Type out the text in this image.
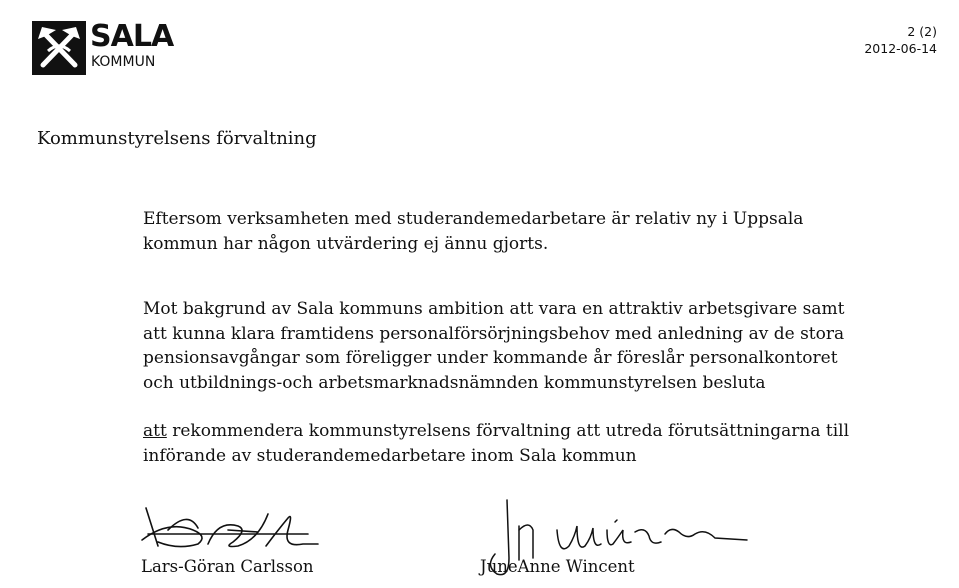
SALA
KOMMUN
2 (2)
2012-06-14
Kommunstyrelsens förvaltning
Eftersom verksamheten med studerandemedarbetare är relativ ny i Uppsala kommun har någon utvärdering ej ännu gjorts.
Mot bakgrund av Sala kommuns ambition att vara en attraktiv arbetsgivare samt att kunna klara framtidens personalförsörjningsbehov med anledning av de stora pensionsavgångar som föreligger under kommande år föreslår personalkontoret och utbildnings-och arbetsmarknadsnämnden kommunstyrelsen besluta
att rekommendera kommunstyrelsens förvaltning att utreda förutsättningarna till införande av studerandemedarbetare inom Sala kommun
Lars-Göran Carlsson	JuneAnne Wincent
